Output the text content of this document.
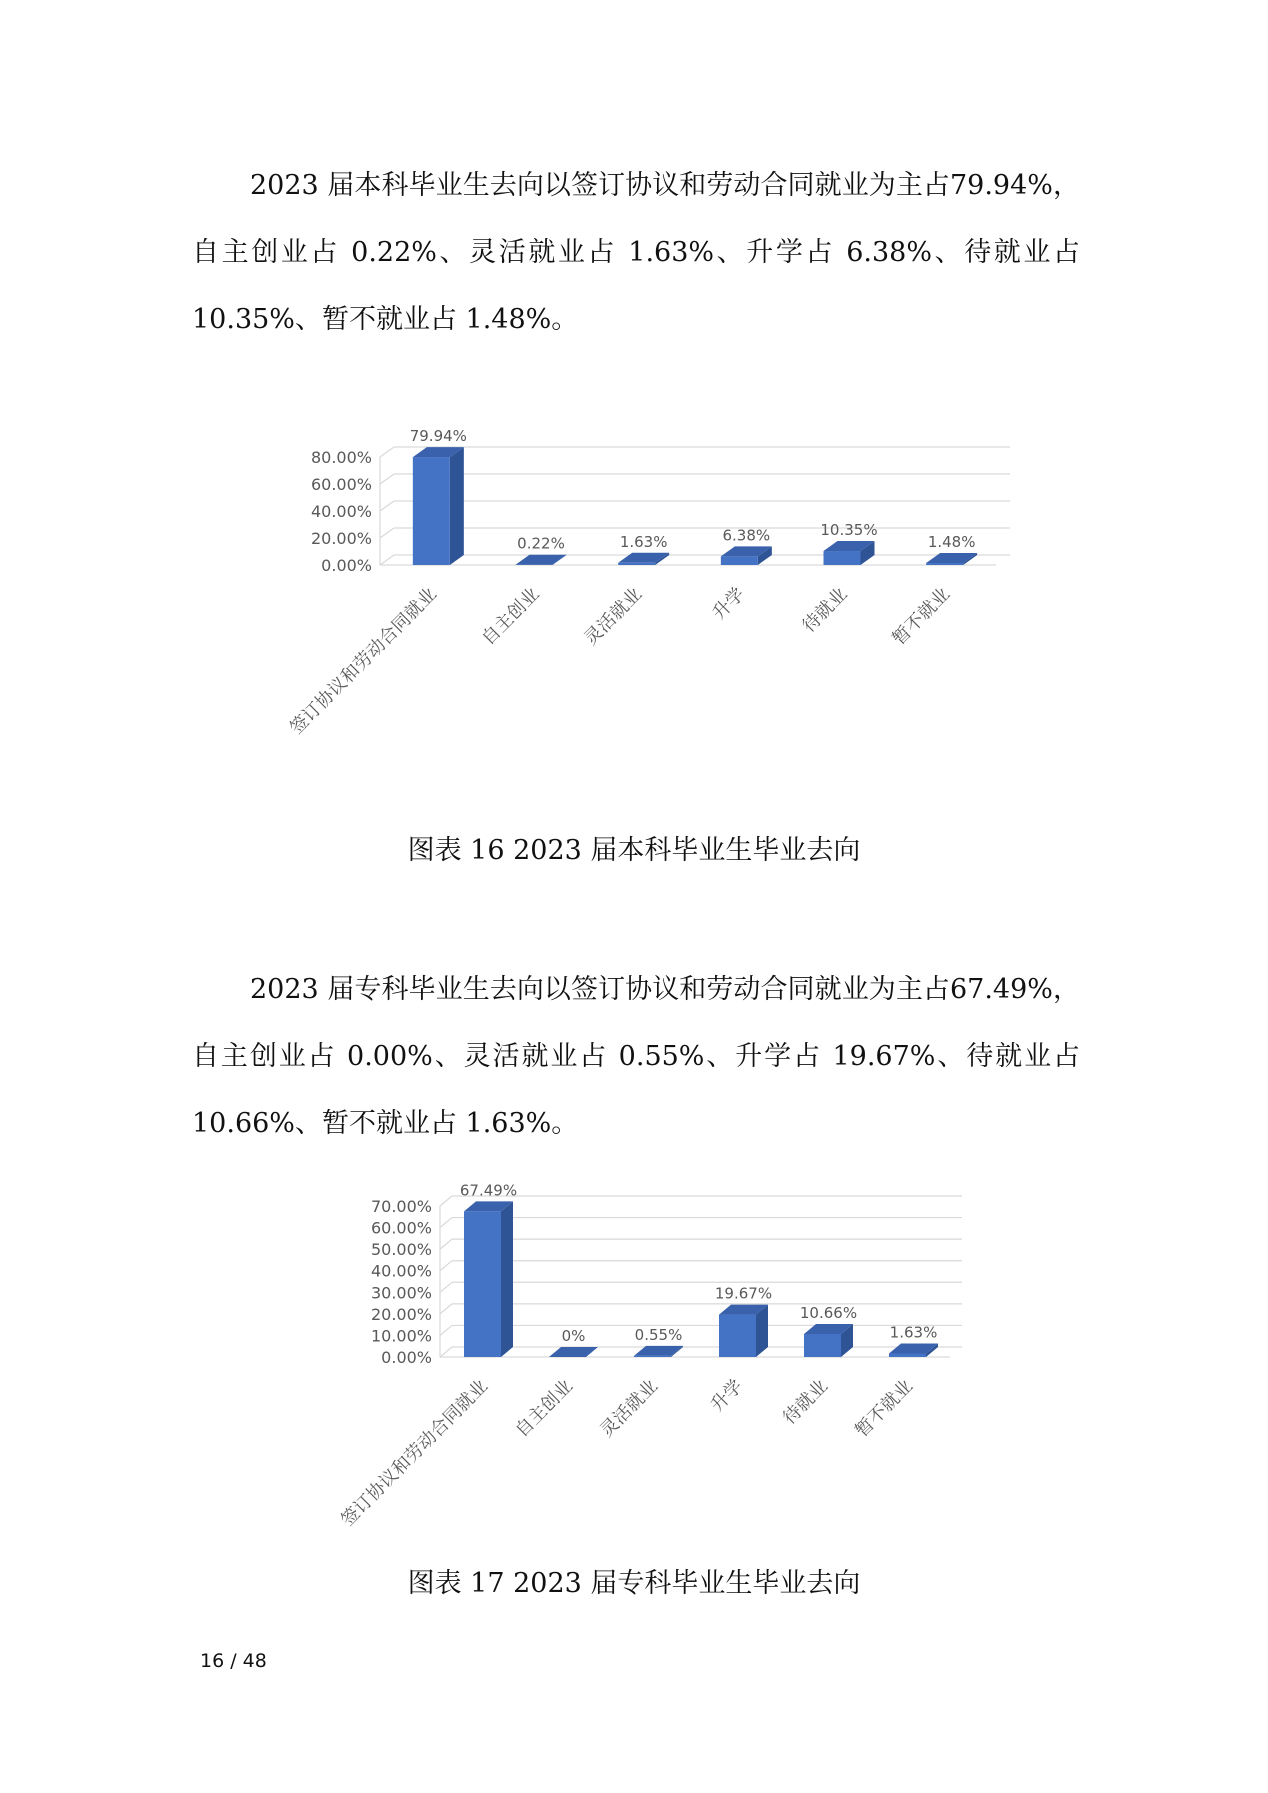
2023 届本科毕业生去向以签订协议和劳动合同就业为主占79.94%，自主创业占 0.22%、灵活就业占 1.63%、升学占 6.38%、待就业占 10.35%、暂不就业占 1.48%。

0.00%
20.00%
40.00%
60.00%
80.00%
79.94%
签订协议和劳动合同就业
0.22%
自主创业
1.63%
灵活就业
6.38%
升学
10.35%
待就业
1.48%
暂不就业

图表 16 2023 届本科毕业生毕业去向

2023 届专科毕业生去向以签订协议和劳动合同就业为主占67.49%，自主创业占 0.00%、灵活就业占 0.55%、升学占 19.67%、待就业占 10.66%、暂不就业占 1.63%。

0.00%
10.00%
20.00%
30.00%
40.00%
50.00%
60.00%
70.00%
67.49%
签订协议和劳动合同就业
0%
自主创业
0.55%
灵活就业
19.67%
升学
10.66%
待就业
1.63%
暂不就业

图表 17 2023 届专科毕业生毕业去向

16 / 48
